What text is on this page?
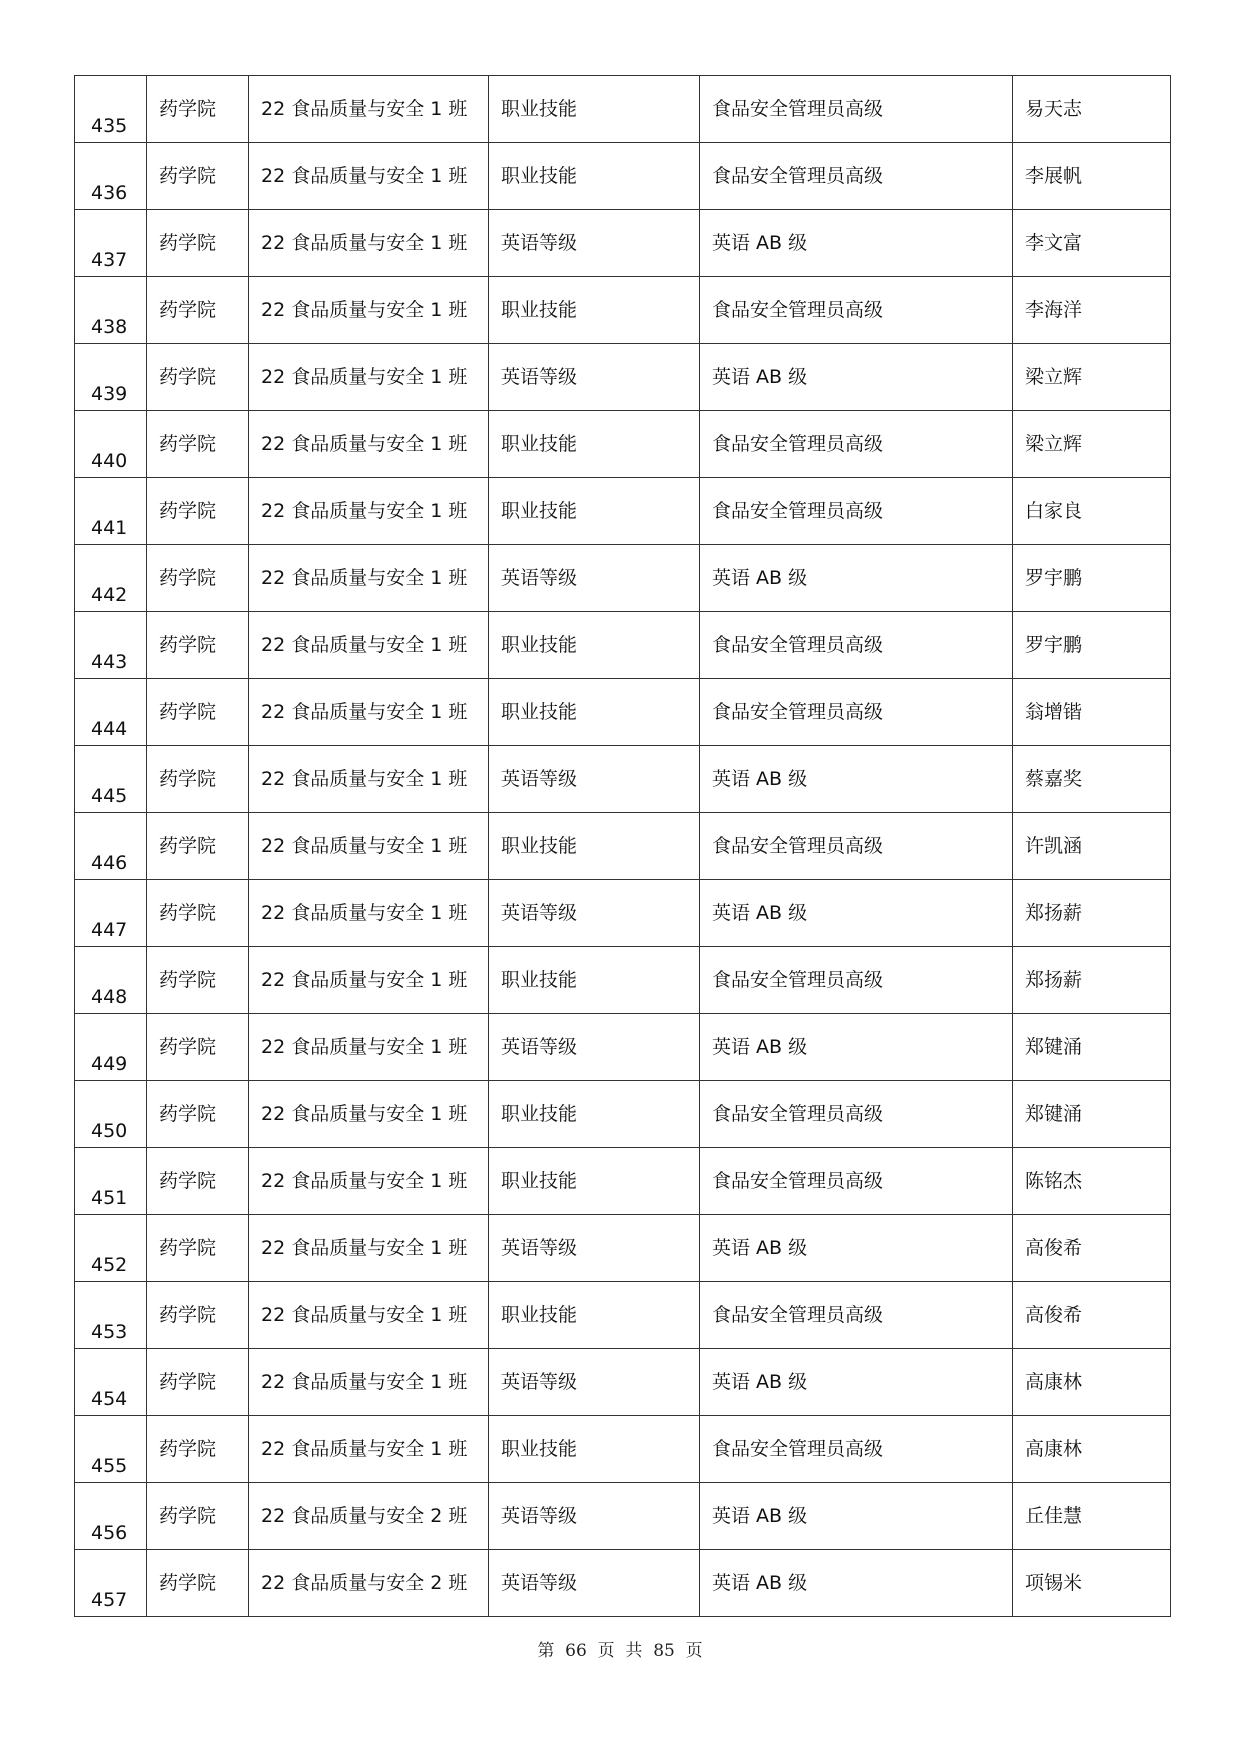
435	药学院	22 食品质量与安全 1 班	职业技能	食品安全管理员高级	易天志

436	药学院	22 食品质量与安全 1 班	职业技能	食品安全管理员高级	李展帆

437	药学院	22 食品质量与安全 1 班	英语等级	英语 AB 级	李文富

438	药学院	22 食品质量与安全 1 班	职业技能	食品安全管理员高级	李海洋

439	药学院	22 食品质量与安全 1 班	英语等级	英语 AB 级	梁立辉

440	药学院	22 食品质量与安全 1 班	职业技能	食品安全管理员高级	梁立辉

441	药学院	22 食品质量与安全 1 班	职业技能	食品安全管理员高级	白家良

442	药学院	22 食品质量与安全 1 班	英语等级	英语 AB 级	罗宇鹏

443	药学院	22 食品质量与安全 1 班	职业技能	食品安全管理员高级	罗宇鹏

444	药学院	22 食品质量与安全 1 班	职业技能	食品安全管理员高级	翁增锴

445	药学院	22 食品质量与安全 1 班	英语等级	英语 AB 级	蔡嘉奖

446	药学院	22 食品质量与安全 1 班	职业技能	食品安全管理员高级	许凯涵

447	药学院	22 食品质量与安全 1 班	英语等级	英语 AB 级	郑扬薪

448	药学院	22 食品质量与安全 1 班	职业技能	食品安全管理员高级	郑扬薪

449	药学院	22 食品质量与安全 1 班	英语等级	英语 AB 级	郑键涌

450	药学院	22 食品质量与安全 1 班	职业技能	食品安全管理员高级	郑键涌

451	药学院	22 食品质量与安全 1 班	职业技能	食品安全管理员高级	陈铭杰

452	药学院	22 食品质量与安全 1 班	英语等级	英语 AB 级	高俊希

453	药学院	22 食品质量与安全 1 班	职业技能	食品安全管理员高级	高俊希

454	药学院	22 食品质量与安全 1 班	英语等级	英语 AB 级	高康林

455	药学院	22 食品质量与安全 1 班	职业技能	食品安全管理员高级	高康林

456	药学院	22 食品质量与安全 2 班	英语等级	英语 AB 级	丘佳慧

457	药学院	22 食品质量与安全 2 班	英语等级	英语 AB 级	项锡米
第  66  页  共  85  页
